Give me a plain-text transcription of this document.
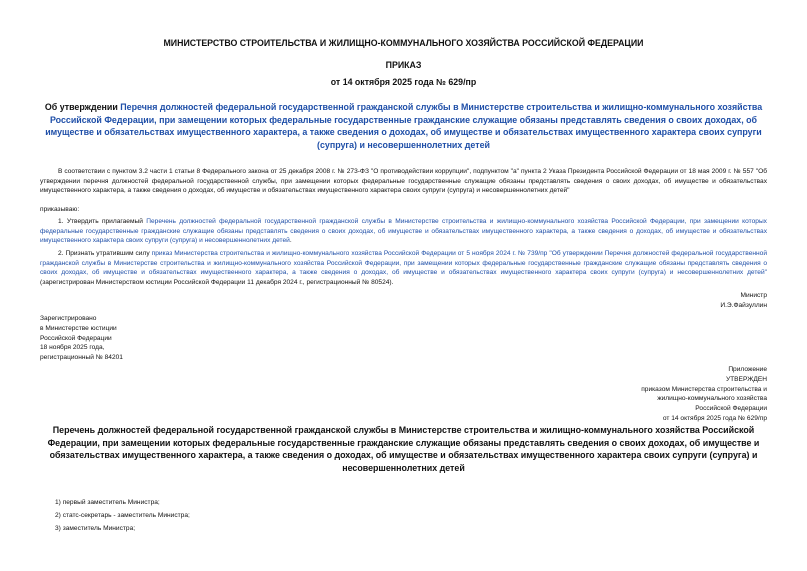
МИНИСТЕРСТВО СТРОИТЕЛЬСТВА И ЖИЛИЩНО-КОММУНАЛЬНОГО ХОЗЯЙСТВА РОССИЙСКОЙ ФЕДЕРАЦИИ
ПРИКАЗ
от 14 октября 2025 года № 629/пр
Об утверждении Перечня должностей федеральной государственной гражданской службы в Министерстве строительства и жилищно-коммунального хозяйства Российской Федерации, при замещении которых федеральные государственные гражданские служащие обязаны представлять сведения о своих доходах, об имуществе и обязательствах имущественного характера, а также сведения о доходах, об имуществе и обязательствах имущественного характера своих супруги (супруга) и несовершеннолетних детей
В соответствии с пунктом 3.2 части 1 статьи 8 Федерального закона от 25 декабря 2008 г. № 273-ФЗ "О противодействии коррупции", подпунктом "а" пункта 2 Указа Президента Российской Федерации от 18 мая 2009 г. № 557 "Об утверждении перечня должностей федеральной государственной службы, при замещении которых федеральные государственные служащие обязаны представлять сведения о своих доходах, об имуществе и обязательствах имущественного характера, а также сведения о доходах, об имуществе и обязательствах имущественного характера своих супруги (супруга) и несовершеннолетних детей"
приказываю:
1. Утвердить прилагаемый Перечень должностей федеральной государственной гражданской службы в Министерстве строительства и жилищно-коммунального хозяйства Российской Федерации, при замещении которых федеральные государственные гражданские служащие обязаны представлять сведения о своих доходах, об имуществе и обязательствах имущественного характера, а также сведения о доходах, об имуществе и обязательствах имущественного характера своих супруги (супруга) и несовершеннолетних детей.
2. Признать утратившим силу приказ Министерства строительства и жилищно-коммунального хозяйства Российской Федерации от 5 ноября 2024 г. № 739/пр "Об утверждении Перечня должностей федеральной государственной гражданской службы в Министерстве строительства и жилищно-коммунального хозяйства Российской Федерации, при замещении которых федеральные государственные гражданские служащие обязаны представлять сведения о своих доходах, об имуществе и обязательствах имущественного характера, а также сведения о доходах, об имуществе и обязательствах имущественного характера своих супруги (супруга) и несовершеннолетних детей" (зарегистрирован Министерством юстиции Российской Федерации 11 декабря 2024 г., регистрационный № 80524).
Министр
И.Э.Файзуллин
Зарегистрировано
в Министерстве юстиции
Российской Федерации
18 ноября 2025 года,
регистрационный № 84201
Приложение
УТВЕРЖДЕН
приказом Министерства строительства и
жилищно-коммунального хозяйства
Российской Федерации
от 14 октября 2025 года № 629/пр
Перечень должностей федеральной государственной гражданской службы в Министерстве строительства и жилищно-коммунального хозяйства Российской Федерации, при замещении которых федеральные государственные гражданские служащие обязаны представлять сведения о своих доходах, об имуществе и обязательствах имущественного характера, а также сведения о доходах, об имуществе и обязательствах имущественного характера своих супруги (супруга) и несовершеннолетних детей
1) первый заместитель Министра;
2) статс-секретарь - заместитель Министра;
3) заместитель Министра;
